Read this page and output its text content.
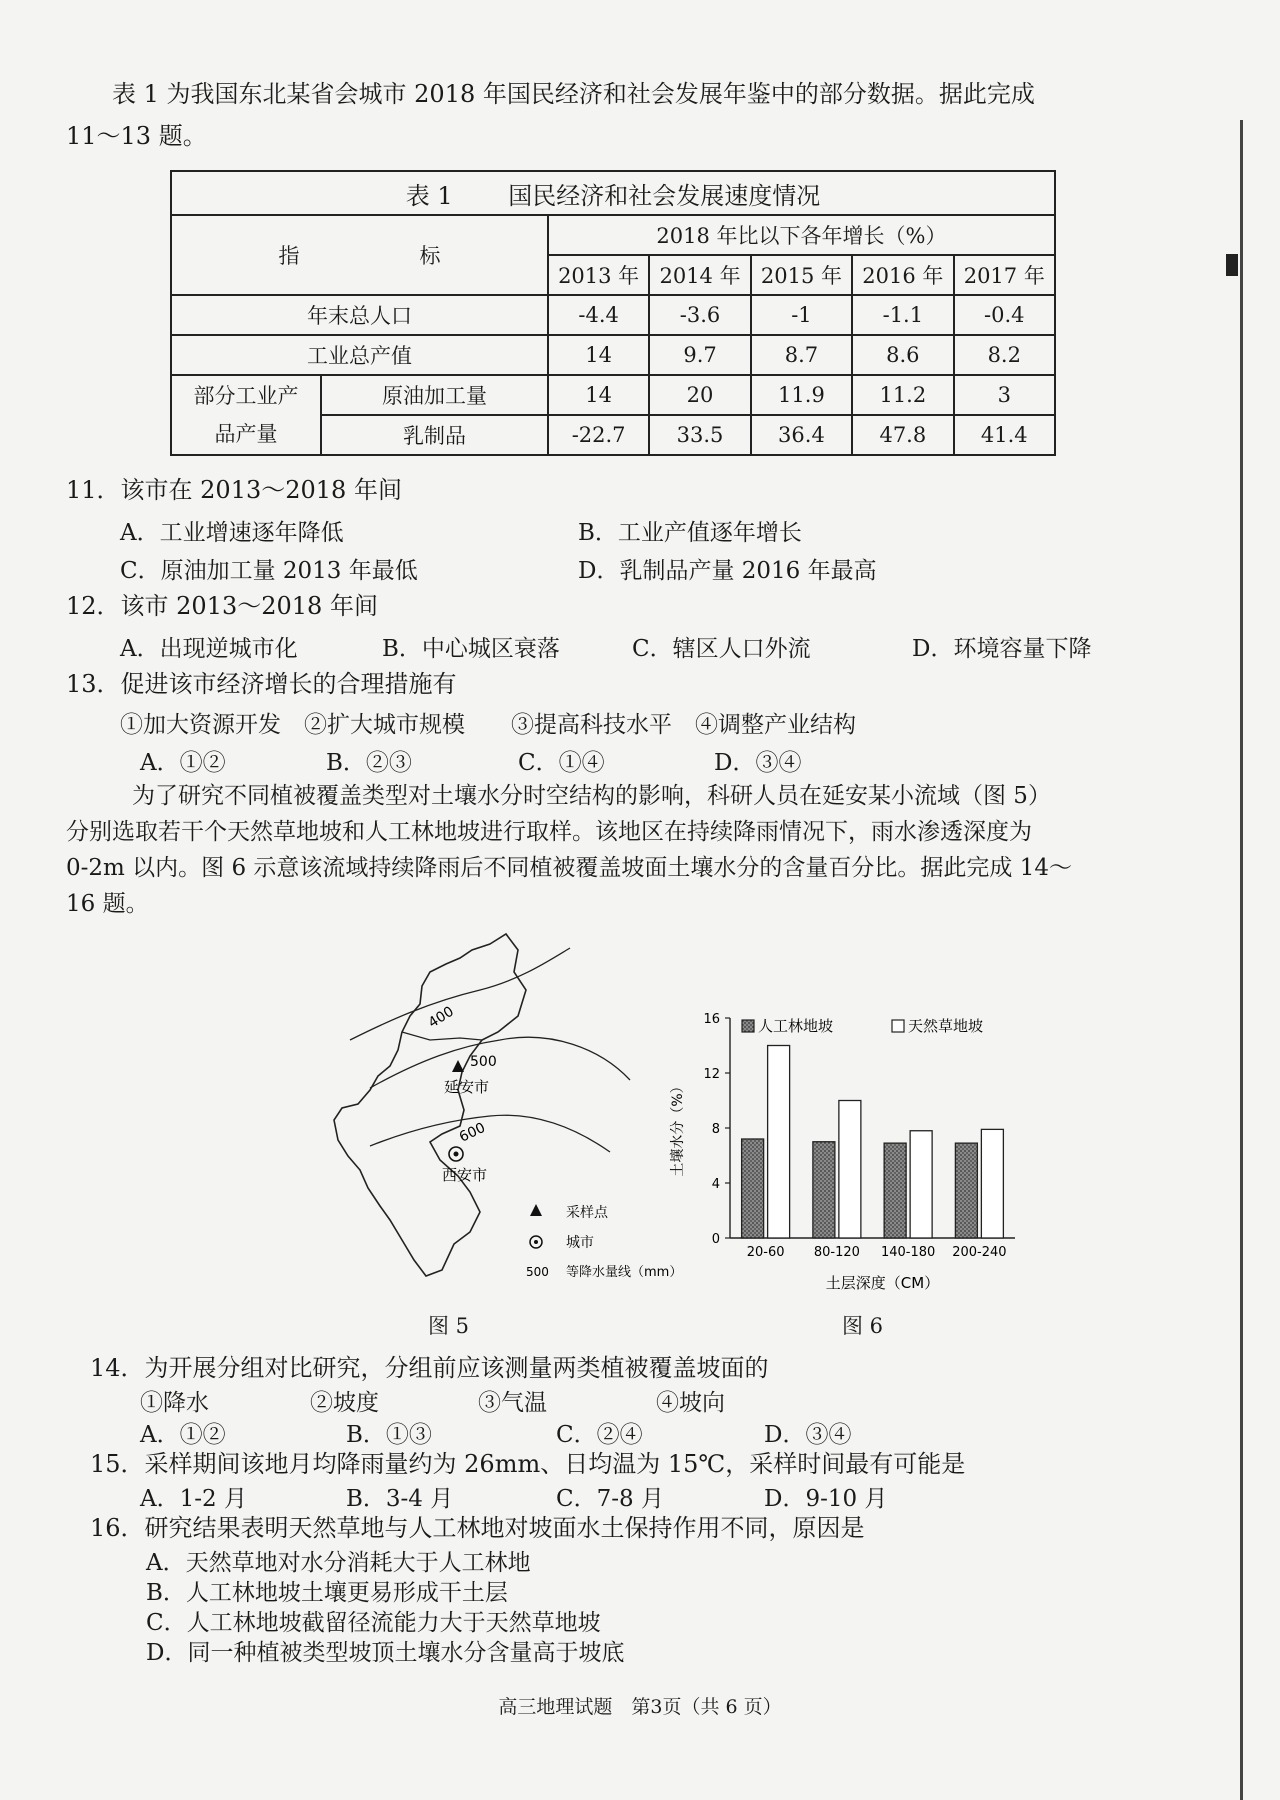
表 1 为我国东北某省会城市 2018 年国民经济和社会发展年鉴中的部分数据。据此完成
11～13 题。
表 1 　　国民经济和社会发展速度情况						
指 标		2018 年比以下各年增长（%）				
		2013 年	2014 年	2015 年	2016 年	2017 年
年末总人口		-4.4	-3.6	-1	-1.1	-0.4
工业总产值		14	9.7	8.7	8.6	8.2

部分工业产
品产量	原油加工量	14	20	11.9	11.2	3
	乳制品	-22.7	33.5	36.4	47.8	41.4
11．该市在 2013～2018 年间
A．工业增速逐年降低	B．工业产值逐年增长
C．原油加工量 2013 年最低	D．乳制品产量 2016 年最高
12．该市 2013～2018 年间
A．出现逆城市化	B．中心城区衰落	C．辖区人口外流	D．环境容量下降
13．促进该市经济增长的合理措施有
①加大资源开发　②扩大城市规模　　③提高科技水平　④调整产业结构
A．①②	B．②③	C．①④	D．③④
为了研究不同植被覆盖类型对土壤水分时空结构的影响，科研人员在延安某小流域（图 5）
分别选取若干个天然草地坡和人工林地坡进行取样。该地区在持续降雨情况下，雨水渗透深度为
0-2m 以内。图 6 示意该流域持续降雨后不同植被覆盖坡面土壤水分的含量百分比。据此完成 14～
16 题。
400
500
600
延安市
西安市
采样点
城市
500 等降水量线（mm）
图 5
0
4
8
12
16
土壤水分（%）
土层深度（CM）
20-60 80-120 140-180 200-240
人工林地坡	天然草地坡
图 6
14．为开展分组对比研究，分组前应该测量两类植被覆盖坡面的
①降水	②坡度	③气温	④坡向
A．①②	B．①③	C．②④	D．③④
15．采样期间该地月均降雨量约为 26mm、日均温为 15℃，采样时间最有可能是
A．1-2 月	B．3-4 月	C．7-8 月	D．9-10 月
16．研究结果表明天然草地与人工林地对坡面水土保持作用不同，原因是
A．天然草地对水分消耗大于人工林地
B．人工林地坡土壤更易形成干土层
C．人工林地坡截留径流能力大于天然草地坡
D．同一种植被类型坡顶土壤水分含量高于坡底
高三地理试题　第3页（共 6 页）
